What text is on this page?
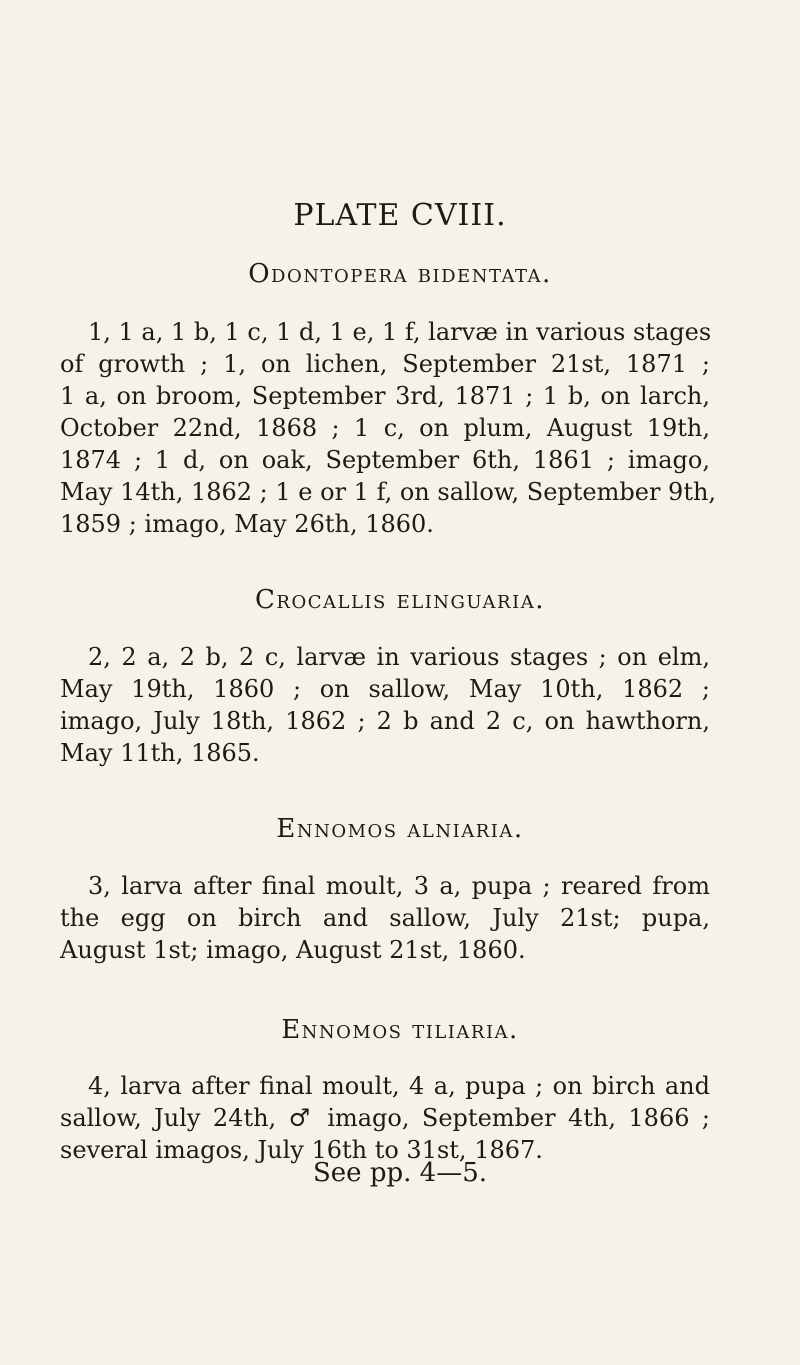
PLATE CVIII.
Odontopera bidentata.
1, 1 a, 1 b, 1 c, 1 d, 1 e, 1 f, larvæ in various stages
of growth ; 1, on lichen, September 21st, 1871 ;
1 a, on broom, September 3rd, 1871 ; 1 b, on larch,
October 22nd, 1868 ; 1 c, on plum, August 19th,
1874 ; 1 d, on oak, September 6th, 1861 ; imago,
May 14th, 1862 ; 1 e or 1 f, on sallow, September 9th,
1859 ; imago, May 26th, 1860.
Crocallis elinguaria.
2, 2 a, 2 b, 2 c, larvæ in various stages ; on elm,
May 19th, 1860 ; on sallow, May 10th, 1862 ;
imago, July 18th, 1862 ; 2 b and 2 c, on hawthorn,
May 11th, 1865.
Ennomos alniaria.
3, larva after final moult, 3 a, pupa ; reared from
the egg on birch and sallow, July 21st; pupa,
August 1st; imago, August 21st, 1860.
Ennomos tiliaria.
4, larva after final moult, 4 a, pupa ; on birch and
sallow, July 24th, ♂ imago, September 4th, 1866 ;
several imagos, July 16th to 31st, 1867.
See pp. 4—5.
